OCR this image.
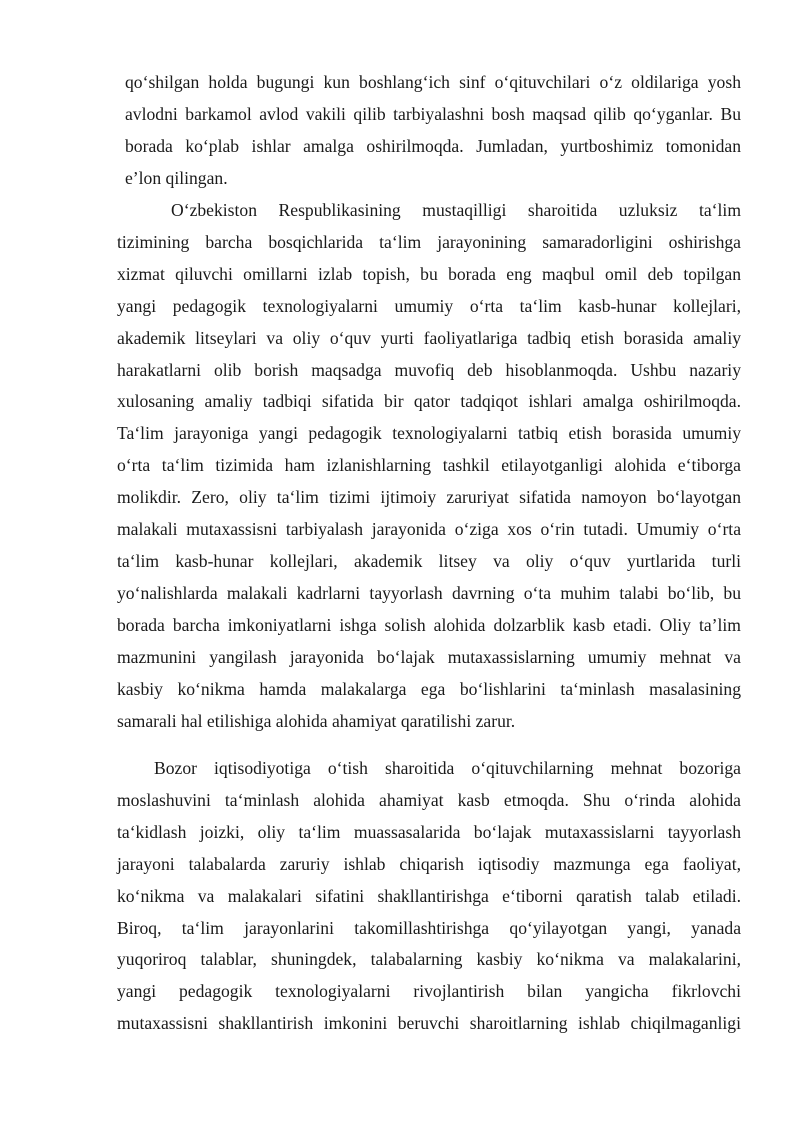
qo‘shilgan holda bugungi kun boshlang‘ich sinf o‘qituvchilari o‘z oldilariga yosh
avlodni barkamol avlod vakili qilib tarbiyalashni bosh maqsad qilib qo‘yganlar. Bu
borada ko‘plab ishlar amalga oshirilmoqda. Jumladan, yurtboshimiz tomonidan
e’lon qilingan.
O‘zbekiston Respublikasining mustaqilligi sharoitida uzluksiz ta‘lim
tizimining barcha bosqichlarida ta‘lim jarayonining samaradorligini oshirishga
xizmat qiluvchi omillarni izlab topish, bu borada eng maqbul omil deb topilgan
yangi pedagogik texnologiyalarni umumiy o‘rta ta‘lim kasb-hunar kollejlari,
akademik litseylari va oliy o‘quv yurti faoliyatlariga tadbiq etish borasida amaliy
harakatlarni olib borish maqsadga muvofiq deb hisoblanmoqda. Ushbu nazariy
xulosaning amaliy tadbiqi sifatida bir qator tadqiqot ishlari amalga oshirilmoqda.
Ta‘lim jarayoniga yangi pedagogik texnologiyalarni tatbiq etish borasida umumiy
o‘rta ta‘lim tizimida ham izlanishlarning tashkil etilayotganligi alohida e‘tiborga
molikdir. Zero, oliy ta‘lim tizimi ijtimoiy zaruriyat sifatida namoyon bo‘layotgan
malakali mutaxassisni tarbiyalash jarayonida o‘ziga xos o‘rin tutadi. Umumiy o‘rta
ta‘lim kasb-hunar kollejlari, akademik litsey va oliy o‘quv yurtlarida turli
yo‘nalishlarda malakali kadrlarni tayyorlash davrning o‘ta muhim talabi bo‘lib, bu
borada barcha imkoniyatlarni ishga solish alohida dolzarblik kasb etadi. Oliy ta’lim
mazmunini yangilash jarayonida bo‘lajak mutaxassislarning umumiy mehnat va
kasbiy ko‘nikma hamda malakalarga ega bo‘lishlarini ta‘minlash masalasining
samarali hal etilishiga alohida ahamiyat qaratilishi zarur.
Bozor iqtisodiyotiga o‘tish sharoitida o‘qituvchilarning mehnat bozoriga
moslashuvini ta‘minlash alohida ahamiyat kasb etmoqda. Shu o‘rinda alohida
ta‘kidlash joizki, oliy ta‘lim muassasalarida bo‘lajak mutaxassislarni tayyorlash
jarayoni talabalarda zaruriy ishlab chiqarish iqtisodiy mazmunga ega faoliyat,
ko‘nikma va malakalari sifatini shakllantirishga e‘tiborni qaratish talab etiladi.
Biroq, ta‘lim jarayonlarini takomillashtirishga qo‘yilayotgan yangi, yanada
yuqoriroq talablar, shuningdek, talabalarning kasbiy ko‘nikma va malakalarini,
yangi pedagogik texnologiyalarni rivojlantirish bilan yangicha fikrlovchi
mutaxassisni shakllantirish imkonini beruvchi sharoitlarning ishlab chiqilmaganligi
